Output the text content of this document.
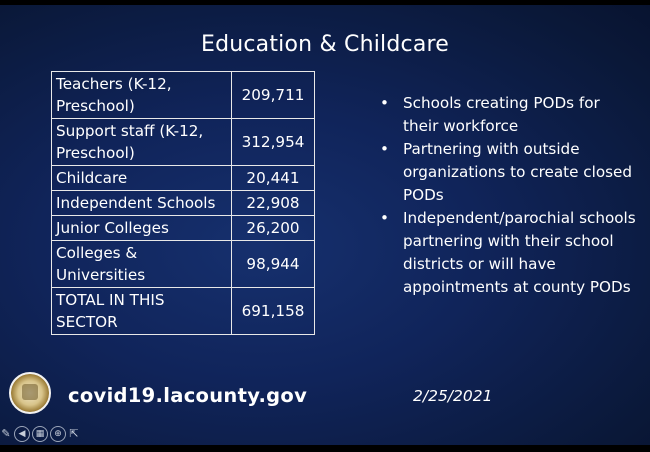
Education & Childcare
Teachers (K-12, Preschool)	209,711
Support staff (K-12, Preschool)	312,954
Childcare	20,441
Independent Schools	22,908
Junior Colleges	26,200
Colleges & Universities	98,944
TOTAL IN THIS SECTOR	691,158
• Schools creating PODs for their workforce
• Partnering with outside organizations to create closed PODs
• Independent/parochial schools partnering with their school districts or will have appointments at county PODs
covid19.lacounty.gov	2/25/2021
✎ ◀	▦	⊕ ⇱
